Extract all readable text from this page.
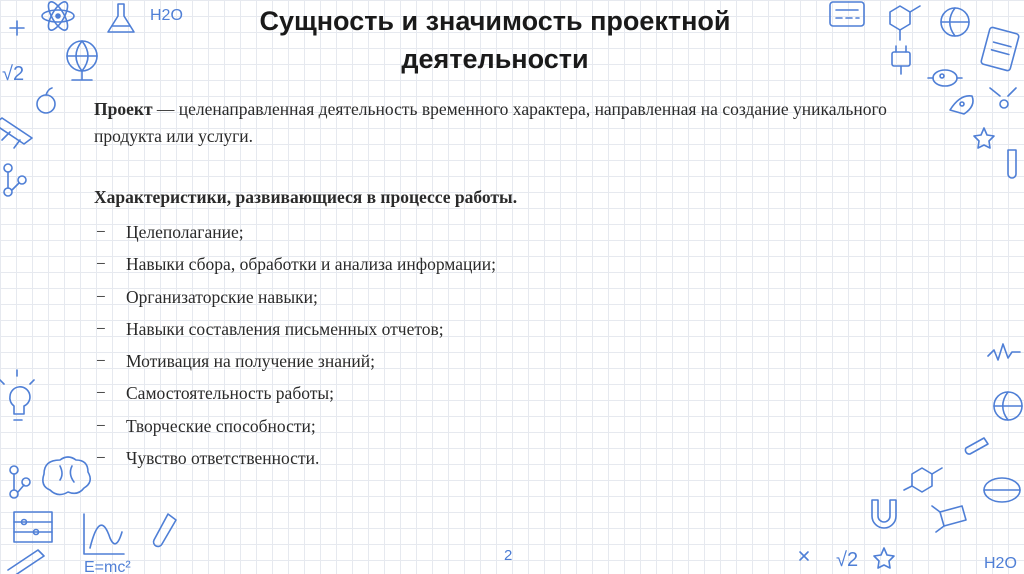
H2O
√2
E=mc²	√2	H2O
Сущность и значимость проектной деятельности
Проект — целенаправленная деятельность временного характера, направленная на создание уникального продукта или услуги.
Характеристики, развивающиеся в процессе работы.
− Целеполагание;
− Навыки сбора, обработки и анализа информации;
− Организаторские навыки;
− Навыки составления письменных отчетов;
− Мотивация на получение знаний;
− Самостоятельность работы;
− Творческие способности;
− Чувство ответственности.
2
